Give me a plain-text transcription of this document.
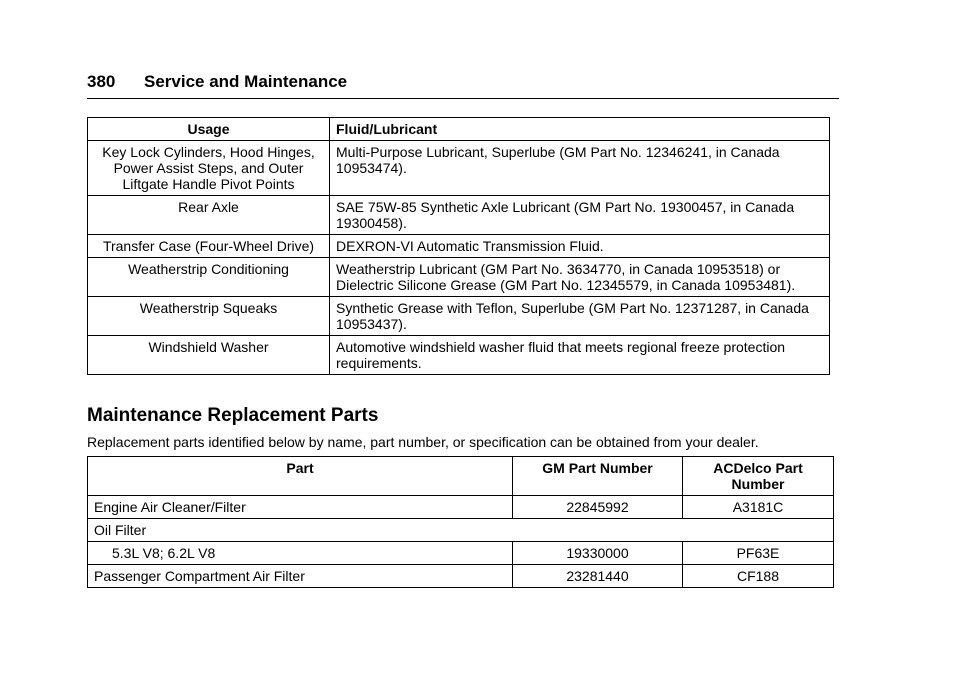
380 Service and Maintenance
Usage	Fluid/Lubricant
Key Lock Cylinders, Hood Hinges, Power Assist Steps, and Outer Liftgate Handle Pivot Points	Multi-Purpose Lubricant, Superlube (GM Part No. 12346241, in Canada 10953474).
Rear Axle	SAE 75W-85 Synthetic Axle Lubricant (GM Part No. 19300457, in Canada 19300458).
Transfer Case (Four-Wheel Drive)	DEXRON-VI Automatic Transmission Fluid.
Weatherstrip Conditioning	Weatherstrip Lubricant (GM Part No. 3634770, in Canada 10953518) or Dielectric Silicone Grease (GM Part No. 12345579, in Canada 10953481).
Weatherstrip Squeaks	Synthetic Grease with Teflon, Superlube (GM Part No. 12371287, in Canada 10953437).
Windshield Washer	Automotive windshield washer fluid that meets regional freeze protection requirements.
Maintenance Replacement Parts
Replacement parts identified below by name, part number, or specification can be obtained from your dealer.
Part	GM Part Number	ACDelco Part Number
Engine Air Cleaner/Filter	22845992	A3181C
Oil Filter		
5.3L V8; 6.2L V8	19330000	PF63E
Passenger Compartment Air Filter	23281440	CF188
